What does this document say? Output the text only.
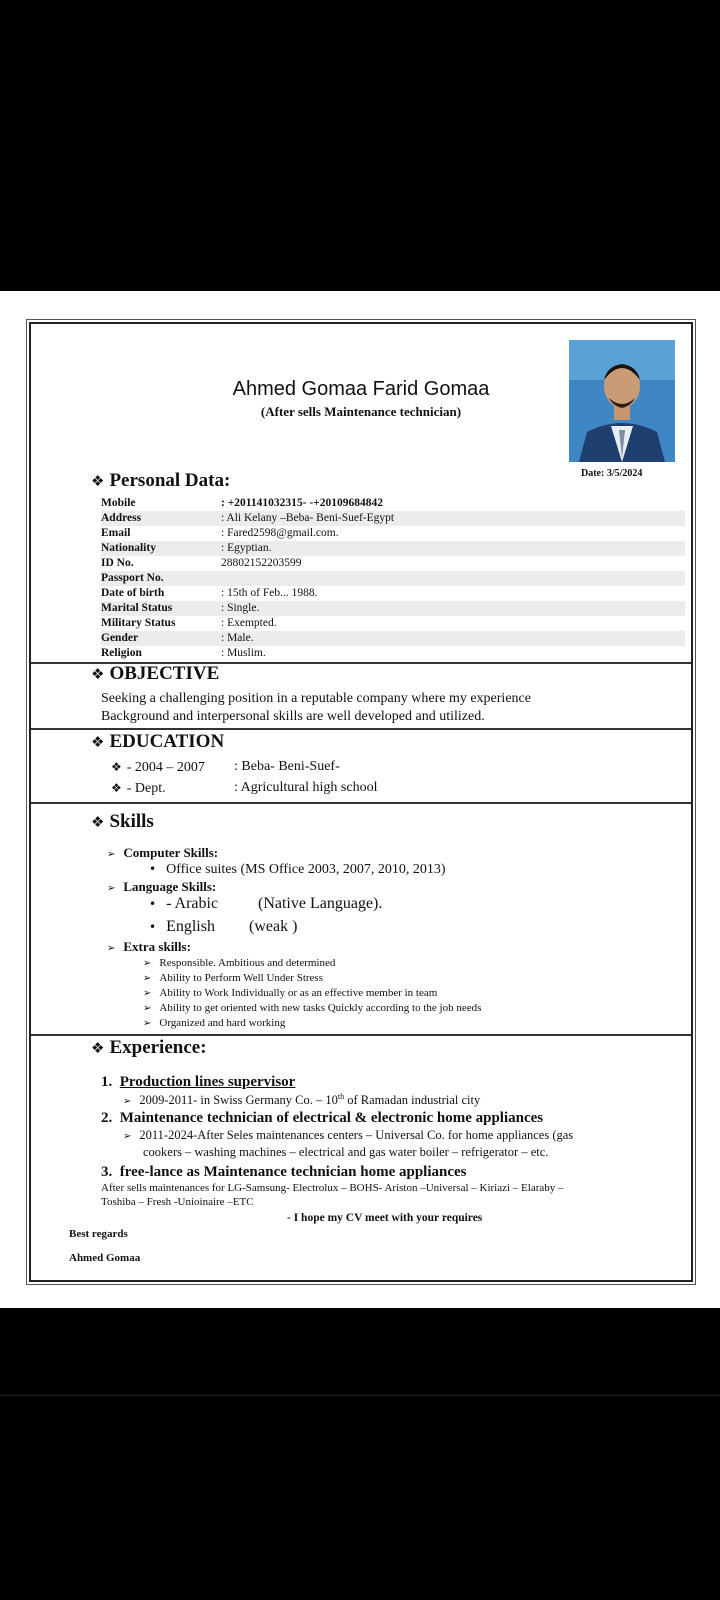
Ahmed Gomaa Farid Gomaa
(After sells Maintenance technician)
Date: 3/5/2024
❖ Personal Data:
Mobile	: +201141032315- -+20109684842
Address	: Ali Kelany –Beba- Beni-Suef-Egypt
Email	: Fared2598@gmail.com.
Nationality	: Egyptian.
ID No.	28802152203599
Passport No.
Date of birth	: 15th of Feb... 1988.
Marital Status	: Single.
Military Status	: Exempted.
Gender	: Male.
Religion	: Muslim.
❖ OBJECTIVE
Seeking a challenging position in a reputable company where my experience
Background and interpersonal skills are well developed and utilized.
❖ EDUCATION
❖ - 2004 – 2007 : Beba- Beni-Suef-
❖ - Dept.	: Agricultural high school
❖ Skills
➢ Computer Skills:
• Office suites (MS Office 2003, 2007, 2010, 2013)
➢ Language Skills:
• - Arabic (Native Language).
• English (weak )
➢ Extra skills:
➢ Responsible. Ambitious and determined
➢ Ability to Perform Well Under Stress
➢ Ability to Work Individually or as an effective member in team
➢ Ability to get oriented with new tasks Quickly according to the job needs
➢ Organized and hard working
❖ Experience:
1.  Production lines supervisor
➢ 2009-2011- in Swiss Germany Co. – 10th of Ramadan industrial city
2.  Maintenance technician of electrical & electronic home appliances
➢ 2011-2024-After Seles maintenances centers – Universal Co. for home appliances (gas
cookers – washing machines – electrical and gas water boiler – refrigerator – etc.
3.  free-lance as Maintenance technician home appliances
After sells maintenances for LG-Samsung- Electrolux – BOHS- Ariston –Universal – Kiriazi – Elaraby –
Toshiba – Fresh -Unioinaire –ETC
- I hope my CV meet with your requires
Best regards
Ahmed Gomaa
